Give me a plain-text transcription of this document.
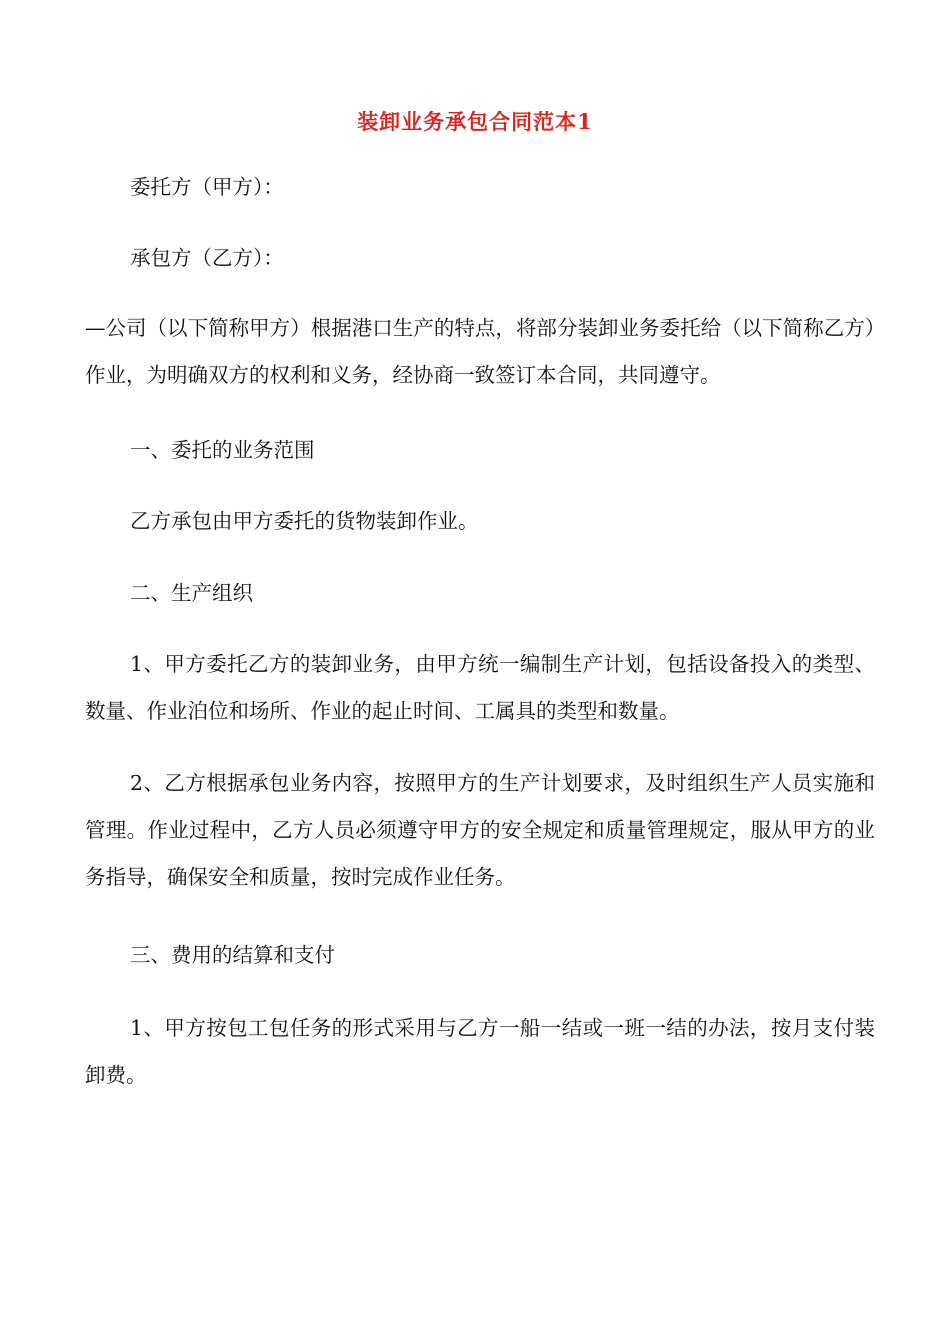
装卸业务承包合同范本1

委托方（甲方）：

承包方（乙方）：

—公司（以下简称甲方）根据港口生产的特点，将部分装卸业务委托给（以下简称乙方）作业，为明确双方的权利和义务，经协商一致签订本合同，共同遵守。

一、委托的业务范围

乙方承包由甲方委托的货物装卸作业。

二、生产组织

1、甲方委托乙方的装卸业务，由甲方统一编制生产计划，包括设备投入的类型、数量、作业泊位和场所、作业的起止时间、工属具的类型和数量。

2、乙方根据承包业务内容，按照甲方的生产计划要求，及时组织生产人员实施和管理。作业过程中，乙方人员必须遵守甲方的安全规定和质量管理规定，服从甲方的业务指导，确保安全和质量，按时完成作业任务。

三、费用的结算和支付

1、甲方按包工包任务的形式采用与乙方一船一结或一班一结的办法，按月支付装卸费。
